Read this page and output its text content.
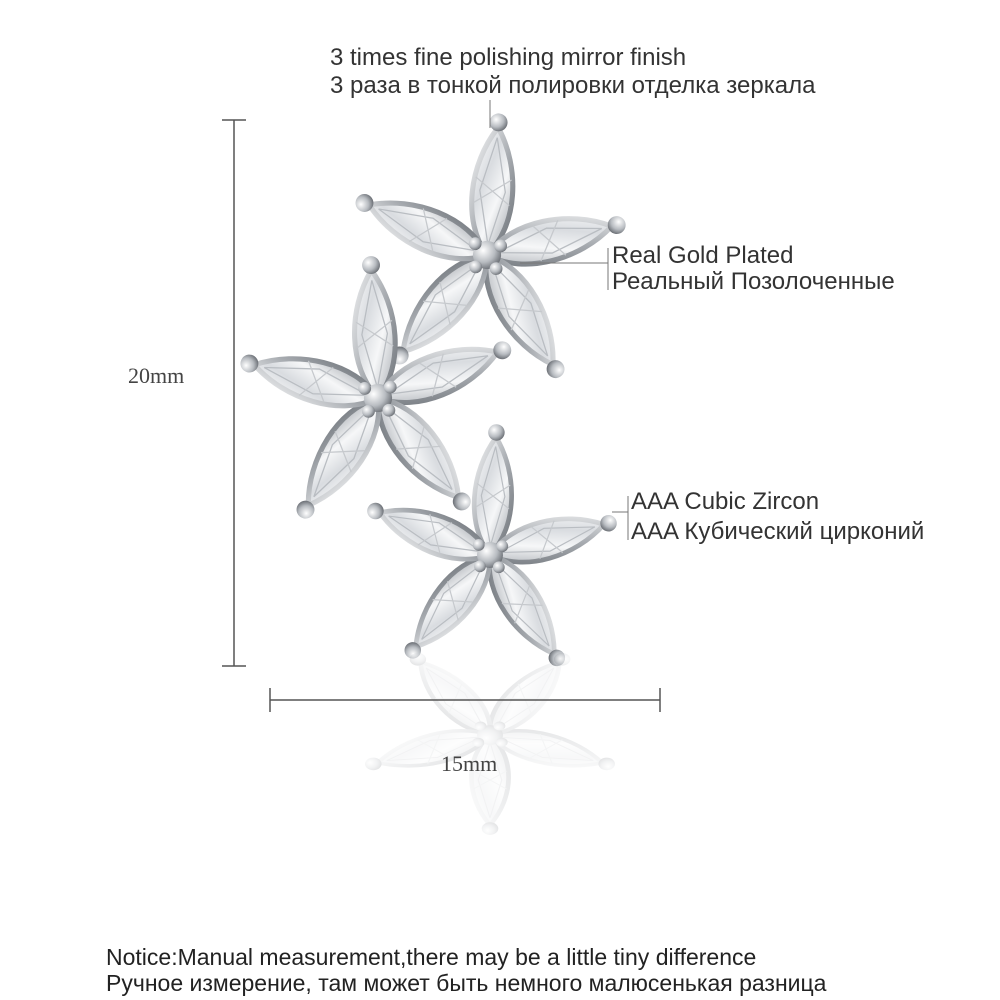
3 times fine polishing mirror finish
3 раза в тонкой полировки отделка зеркала
Real Gold Plated
Реальный Позолоченные
AAA Cubic Zircon
AAA Кубический цирконий
20mm
15mm
Notice:Manual measurement,there may be a little tiny difference
Ручное измерение, там может быть немного малюсенькая разница
